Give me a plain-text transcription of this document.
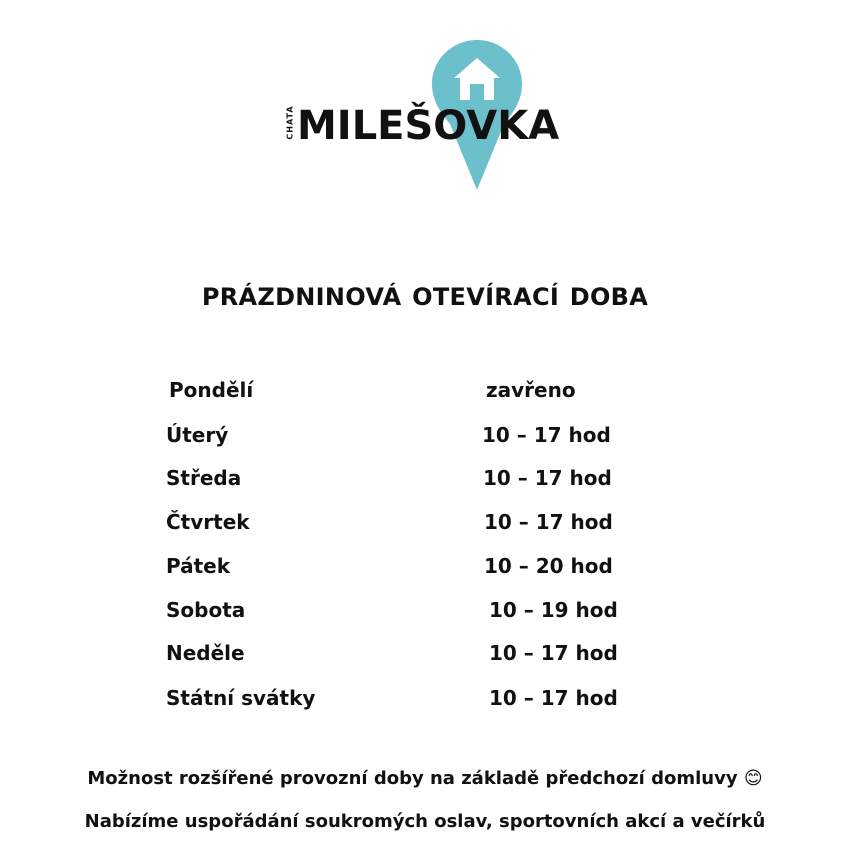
CHATA MILEŠOVKA
PRÁZDNINOVÁ OTEVÍRACÍ DOBA
Pondělí	zavřeno
Úterý	10 – 17 hod
Středa	10 – 17 hod
Čtvrtek	10 – 17 hod
Pátek	10 – 20 hod
Sobota	10 – 19 hod
Neděle	10 – 17 hod
Státní svátky	10 – 17 hod
Možnost rozšířené provozní doby na základě předchozí domluvy 😊
Nabízíme uspořádání soukromých oslav, sportovních akcí a večírků
